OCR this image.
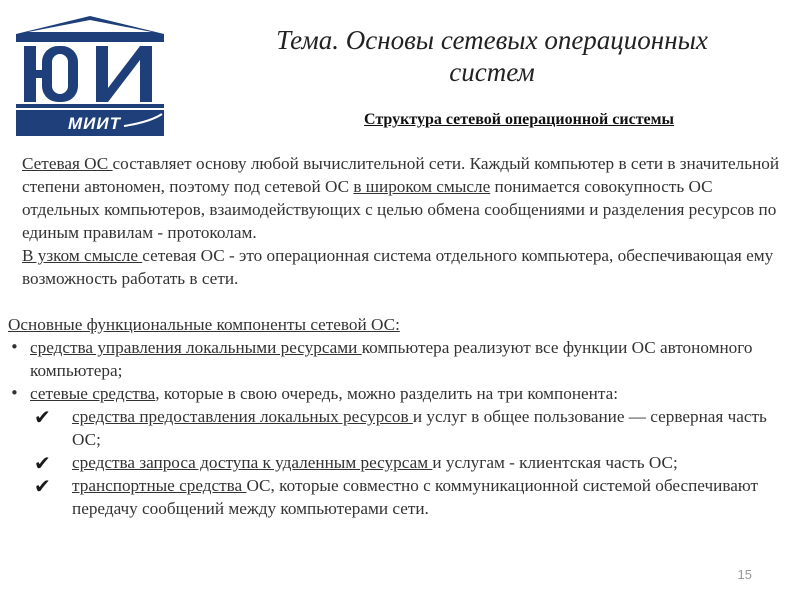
МИИТ
Тема. Основы сетевых операционных систем
Структура сетевой операционной системы

Сетевая ОС составляет основу любой вычислительной сети. Каждый компьютер в сети в значительной степени автономен, поэтому под сетевой ОС в широком смысле понимается совокупность ОС отдельных компьютеров, взаимодействующих с целью обмена сообщениями и разделения ресурсов по единым правилам - протоколам.

В узком смысле сетевая ОС - это операционная система отдельного компьютера, обеспечивающая ему возможность работать в сети.

Основные функциональные компоненты сетевой ОС:
• средства управления локальными ресурсами компьютера реализуют все функции ОС автономного компьютера;
• сетевые средства, которые в свою очередь, можно разделить на три компонента:
✔ средства предоставления локальных ресурсов и услуг в общее пользование — серверная часть ОС;
✔ средства запроса доступа к удаленным ресурсам и услугам - клиентская часть ОС;
✔ транспортные средства ОС, которые совместно с коммуникационной системой обеспечивают передачу сообщений между компьютерами сети.
15
